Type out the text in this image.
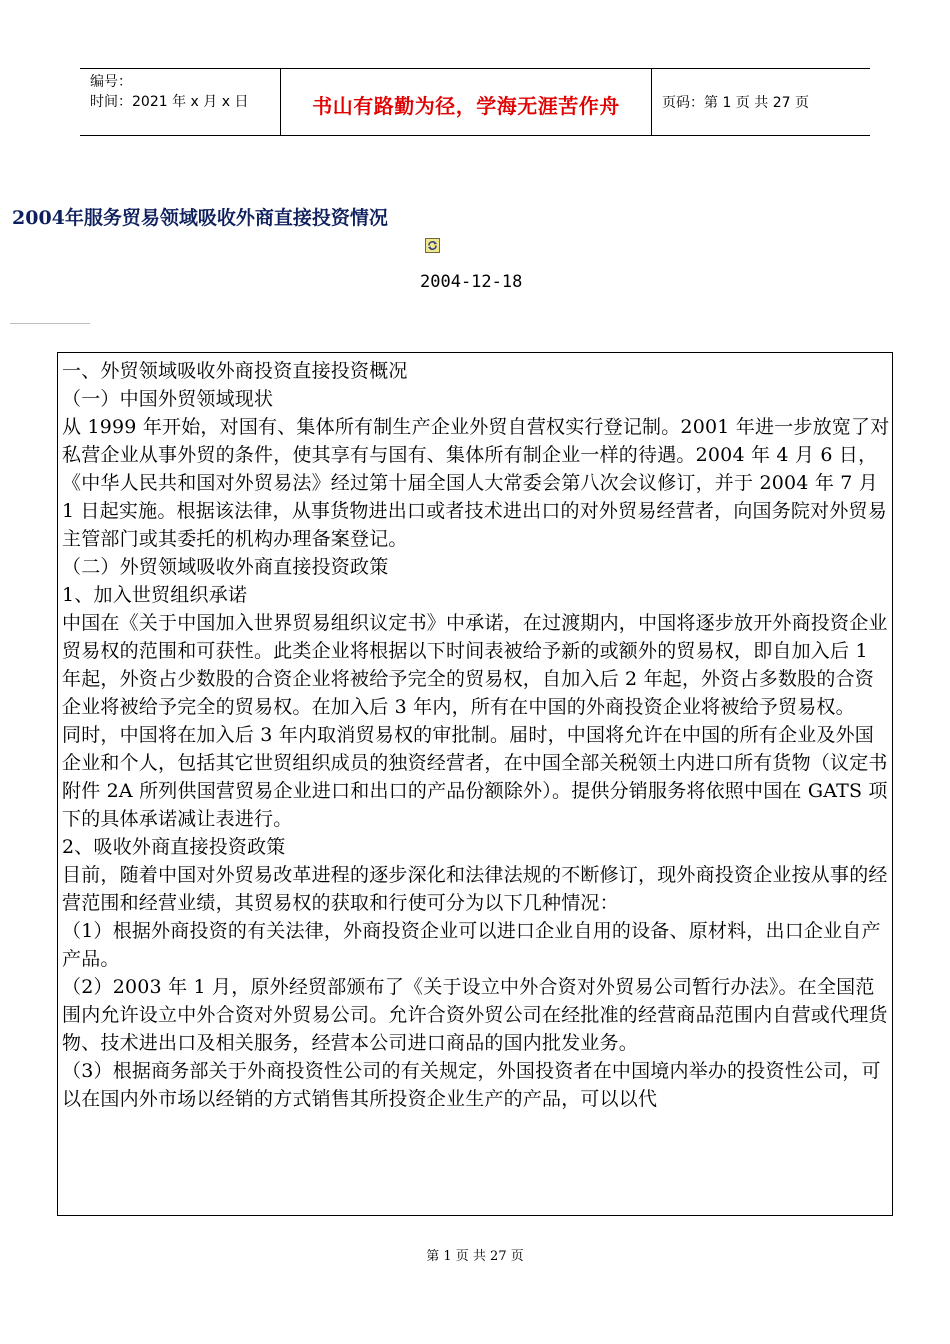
编号：
时间：2021 年 x 月 x 日	书山有路勤为径，学海无涯苦作舟	页码：第 1 页 共 27 页
2004年服务贸易领域吸收外商直接投资情况
2004-12-18

一、外贸领域吸收外商投资直接投资概况

（一）中国外贸领域现状

从 1999 年开始，对国有、集体所有制生产企业外贸自营权实行登记制。2001 年进一步放宽了对私营企业从事外贸的条件，使其享有与国有、集体所有制企业一样的待遇。2004 年 4 月 6 日，《中华人民共和国对外贸易法》经过第十届全国人大常委会第八次会议修订，并于 2004 年 7 月 1 日起实施。根据该法律，从事货物进出口或者技术进出口的对外贸易经营者，向国务院对外贸易主管部门或其委托的机构办理备案登记。

（二）外贸领域吸收外商直接投资政策

1、加入世贸组织承诺

中国在《关于中国加入世界贸易组织议定书》中承诺，在过渡期内，中国将逐步放开外商投资企业贸易权的范围和可获性。此类企业将根据以下时间表被给予新的或额外的贸易权，即自加入后 1 年起，外资占少数股的合资企业将被给予完全的贸易权，自加入后 2 年起，外资占多数股的合资企业将被给予完全的贸易权。在加入后 3 年内，所有在中国的外商投资企业将被给予贸易权。

同时，中国将在加入后 3 年内取消贸易权的审批制。届时，中国将允许在中国的所有企业及外国企业和个人，包括其它世贸组织成员的独资经营者，在中国全部关税领土内进口所有货物（议定书附件 2A 所列供国营贸易企业进口和出口的产品份额除外）。提供分销服务将依照中国在 GATS 项下的具体承诺减让表进行。

2、吸收外商直接投资政策

目前，随着中国对外贸易改革进程的逐步深化和法律法规的不断修订，现外商投资企业按从事的经营范围和经营业绩，其贸易权的获取和行使可分为以下几种情况：

（1）根据外商投资的有关法律，外商投资企业可以进口企业自用的设备、原材料，出口企业自产产品。

（2）2003 年 1 月，原外经贸部颁布了《关于设立中外合资对外贸易公司暂行办法》。在全国范围内允许设立中外合资对外贸易公司。允许合资外贸公司在经批准的经营商品范围内自营或代理货物、技术进出口及相关服务，经营本公司进口商品的国内批发业务。

（3）根据商务部关于外商投资性公司的有关规定，外国投资者在中国境内举办的投资性公司，可以在国内外市场以经销的方式销售其所投资企业生产的产品，可以以代

第 1 页 共 27 页
